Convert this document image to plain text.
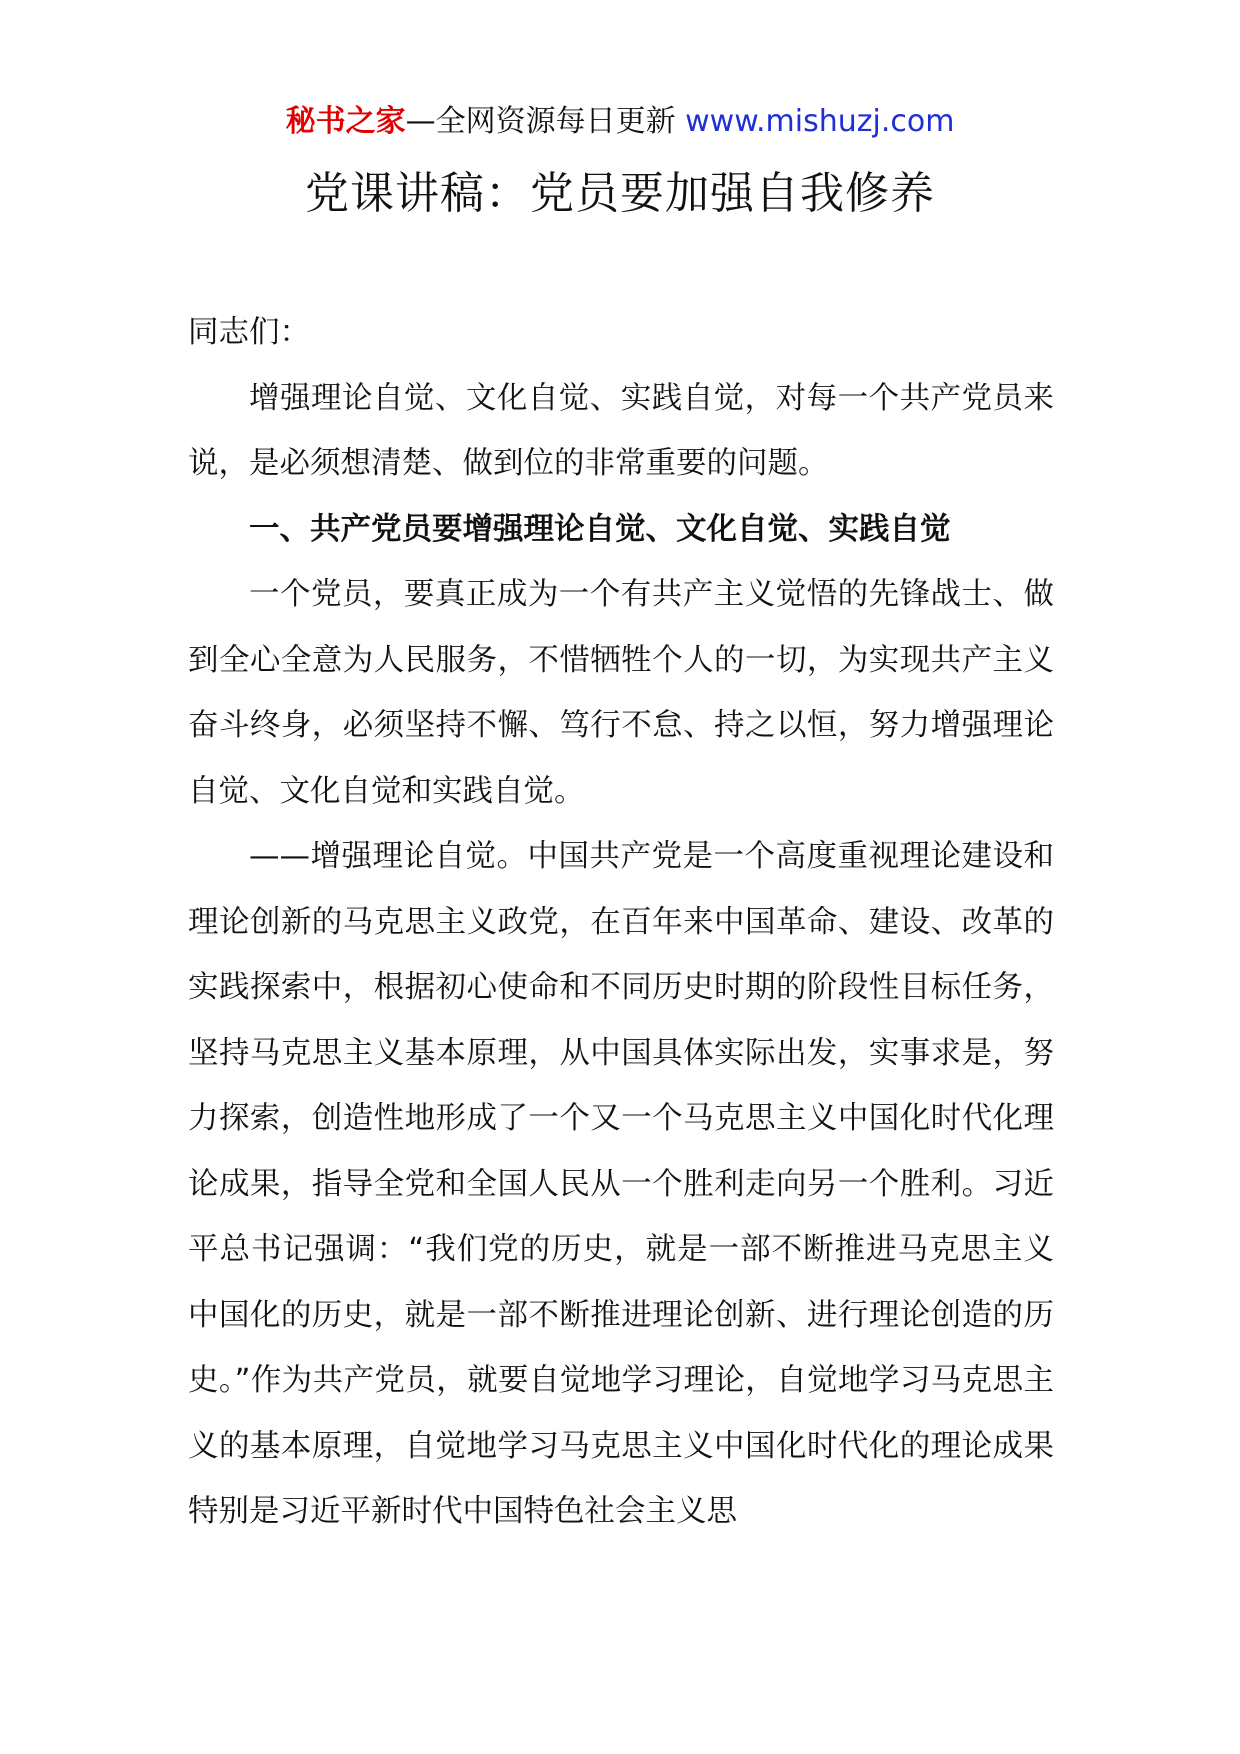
秘书之家—全网资源每日更新 www.mishuzj.com
党课讲稿：党员要加强自我修养

同志们：

增强理论自觉、文化自觉、实践自觉，对每一个共产党员来说，是必须想清楚、做到位的非常重要的问题。

一、共产党员要增强理论自觉、文化自觉、实践自觉

一个党员，要真正成为一个有共产主义觉悟的先锋战士、做到全心全意为人民服务，不惜牺牲个人的一切，为实现共产主义奋斗终身，必须坚持不懈、笃行不怠、持之以恒，努力增强理论自觉、文化自觉和实践自觉。

——增强理论自觉。中国共产党是一个高度重视理论建设和理论创新的马克思主义政党，在百年来中国革命、建设、改革的实践探索中，根据初心使命和不同历史时期的阶段性目标任务，坚持马克思主义基本原理，从中国具体实际出发，实事求是，努力探索，创造性地形成了一个又一个马克思主义中国化时代化理论成果，指导全党和全国人民从一个胜利走向另一个胜利。习近平总书记强调：“我们党的历史，就是一部不断推进马克思主义中国化的历史，就是一部不断推进理论创新、进行理论创造的历史。”作为共产党员，就要自觉地学习理论，自觉地学习马克思主义的基本原理，自觉地学习马克思主义中国化时代化的理论成果特别是习近平新时代中国特色社会主义思
